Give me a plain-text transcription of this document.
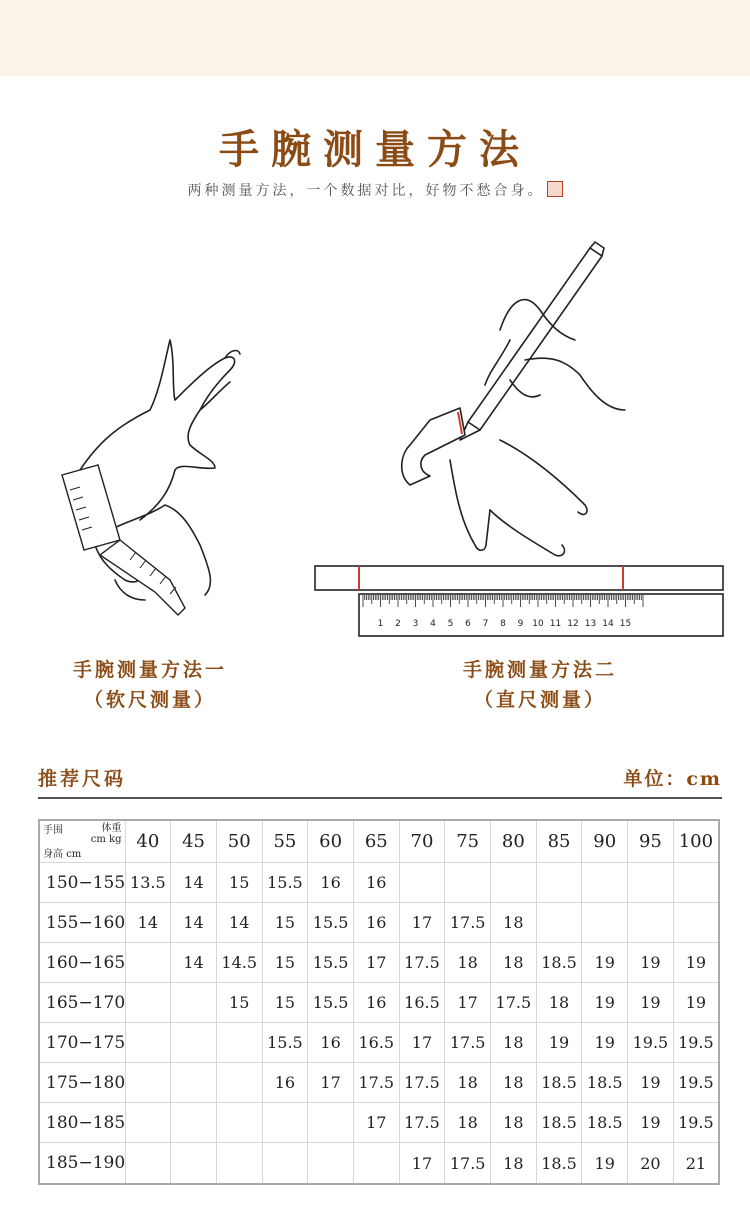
手腕测量方法
两种测量方法，一个数据对比，好物不愁合身。
1 2 3 4 5 6 7 8 9 10 11 12 13 14 15
手腕测量方法一
（软尺测量）
手腕测量方法二
（直尺测量）
推荐尺码	单位：cm
手围 体重
cm kg
身高 cm	40	45	50	55	60	65	70	75	80	85	90	95	100
150−155	13.5	14	15	15.5	16	16							
155−160	14	14	14	15	15.5	16	17	17.5	18				
160−165		14	14.5	15	15.5	17	17.5	18	18	18.5	19	19	19
165−170			15	15	15.5	16	16.5	17	17.5	18	19	19	19
170−175				15.5	16	16.5	17	17.5	18	19	19	19.5	19.5
175−180				16	17	17.5	17.5	18	18	18.5	18.5	19	19.5
180−185						17	17.5	18	18	18.5	18.5	19	19.5
185−190							17	17.5	18	18.5	19	20	21
